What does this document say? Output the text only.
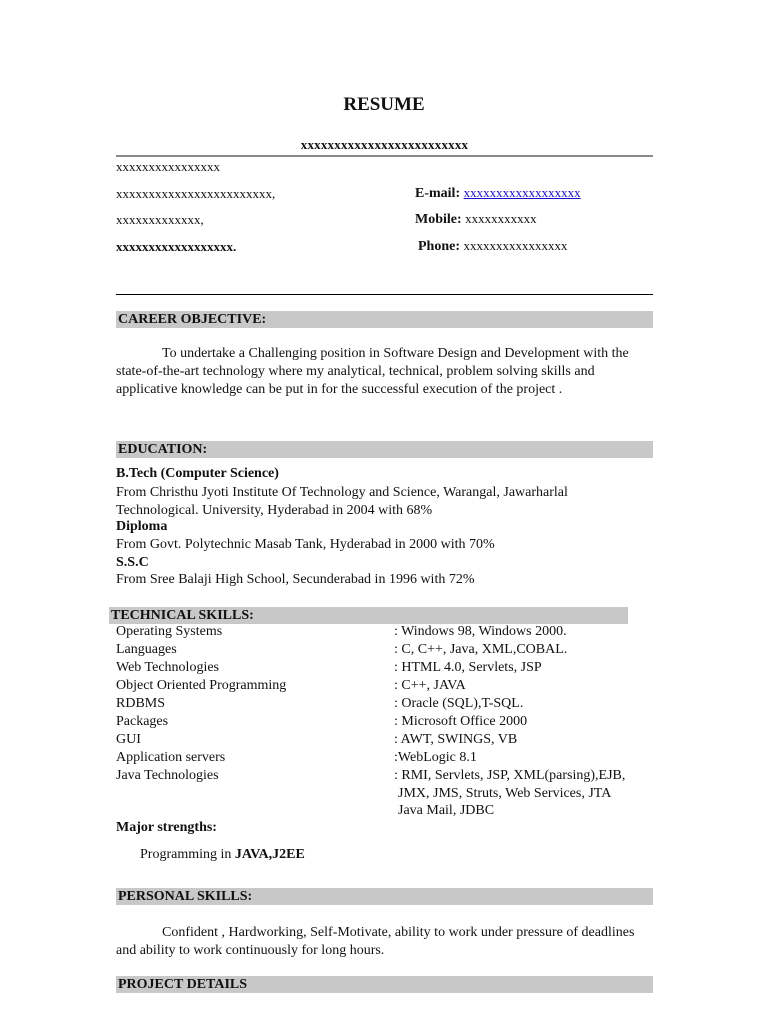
RESUME
xxxxxxxxxxxxxxxxxxxxxxxxx
xxxxxxxxxxxxxxxx
xxxxxxxxxxxxxxxxxxxxxxxx,
xxxxxxxxxxxxx,
xxxxxxxxxxxxxxxxxx.
E-mail: xxxxxxxxxxxxxxxxxx
Mobile: xxxxxxxxxxx
Phone: xxxxxxxxxxxxxxxx
CAREER OBJECTIVE:
To undertake a Challenging position in Software Design and Development with the state-of-the-art technology where my analytical, technical, problem solving skills and applicative knowledge can be put in for the successful execution of the project .
EDUCATION:
B.Tech (Computer Science)
From Christhu Jyoti Institute Of Technology and Science, Warangal, Jawarharlal Technological. University, Hyderabad in 2004 with 68%
Diploma
From Govt. Polytechnic Masab Tank, Hyderabad in 2000 with 70%
S.S.C
From Sree Balaji High School, Secunderabad in 1996 with 72%
TECHNICAL SKILLS:
Operating Systems	: Windows 98, Windows 2000.
Languages	: C, C++, Java, XML,COBAL.
Web Technologies	: HTML 4.0, Servlets, JSP
Object Oriented Programming	: C++, JAVA
RDBMS	: Oracle (SQL),T-SQL.
Packages	: Microsoft Office 2000
GUI	: AWT, SWINGS, VB
Application servers	:WebLogic 8.1
Java Technologies	: RMI, Servlets, JSP, XML(parsing),EJB,
JMX, JMS, Struts, Web Services, JTA
Java Mail, JDBC
Major strengths:
Programming in JAVA,J2EE
PERSONAL SKILLS:
Confident , Hardworking, Self-Motivate, ability to work under pressure of deadlines and ability to work continuously for long hours.
PROJECT DETAILS
